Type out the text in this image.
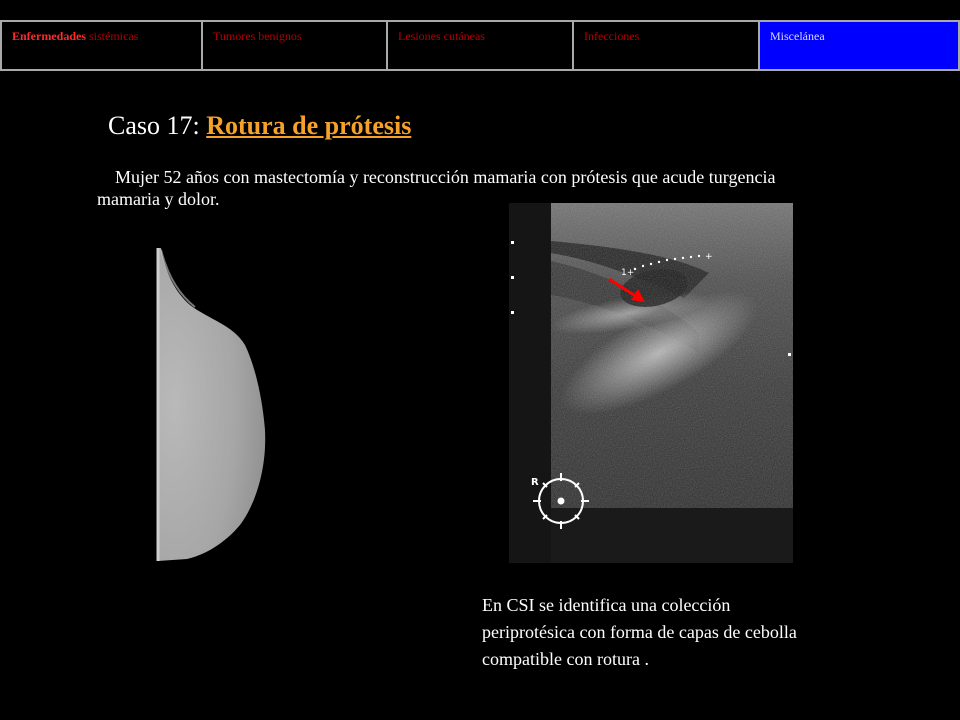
Enfermedades sistémicas	Tumores benignos	Lesiones cutáneas	Infecciones	Miscelánea
Caso 17: Rotura de prótesis
Mujer 52 años con mastectomía y reconstrucción mamaria con prótesis que acude turgencia mamaria y dolor.
1+
+
R
En CSI se identifica una colección periprotésica con forma de capas de cebolla compatible con rotura .
